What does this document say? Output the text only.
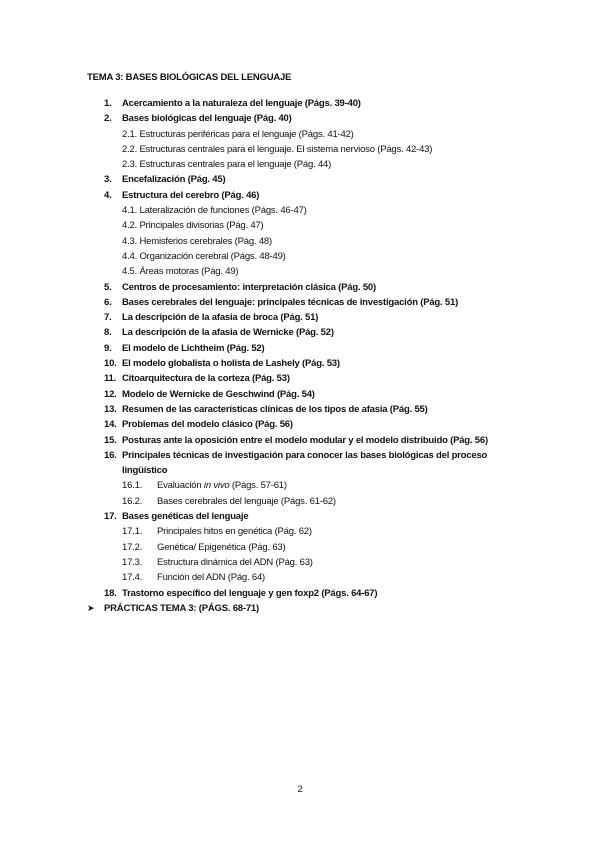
TEMA 3: BASES BIOLÓGICAS DEL LENGUAJE
1. Acercamiento a la naturaleza del lenguaje (Págs. 39-40)
2. Bases biológicas del lenguaje (Pág. 40)
2.1. Estructuras periféricas para el lenguaje (Págs. 41-42)
2.2. Estructuras centrales para el lenguaje. El sistema nervioso (Págs. 42-43)
2.3. Estructuras centrales para el lenguaje (Pág. 44)
3. Encefalización (Pág. 45)
4. Estructura del cerebro (Pág. 46)
4.1. Lateralización de funciones (Págs. 46-47)
4.2. Principales divisorias (Pág. 47)
4.3. Hemisferios cerebrales (Pág. 48)
4.4. Organización cerebral (Págs. 48-49)
4.5. Áreas motoras (Pág. 49)
5. Centros de procesamiento: interpretación clásica (Pág. 50)
6. Bases cerebrales del lenguaje: principales técnicas de investigación (Pág. 51)
7. La descripción de la afasia de broca (Pág. 51)
8. La descripción de la afasia de Wernicke (Pág. 52)
9. El modelo de Lichtheim (Pág. 52)
10. El modelo globalista o holista de Lashely (Pág. 53)
11. Citoarquitectura de la corteza (Pág. 53)
12. Modelo de Wernicke de Geschwind (Pág. 54)
13. Resumen de las características clínicas de los tipos de afasia (Pág. 55)
14. Problemas del modelo clásico (Pág. 56)
15. Posturas ante la oposición entre el modelo modular y el modelo distribuido (Pág. 56)
16. Principales técnicas de investigación para conocer las bases biológicas del proceso
lingüístico
16.1. Evaluación in vivo (Págs. 57-61)
16.2. Bases cerebrales del lenguaje (Págs. 61-62)
17. Bases genéticas del lenguaje
17.1. Principales hitos en genética (Pág. 62)
17.2. Genética/ Epigenética (Pág. 63)
17.3. Estructura dinámica del ADN (Pág. 63)
17.4. Función del ADN (Pág. 64)
18. Trastorno específico del lenguaje y gen foxp2 (Págs. 64-67)
➤ PRÁCTICAS TEMA 3: (PÁGS. 68-71)
2
